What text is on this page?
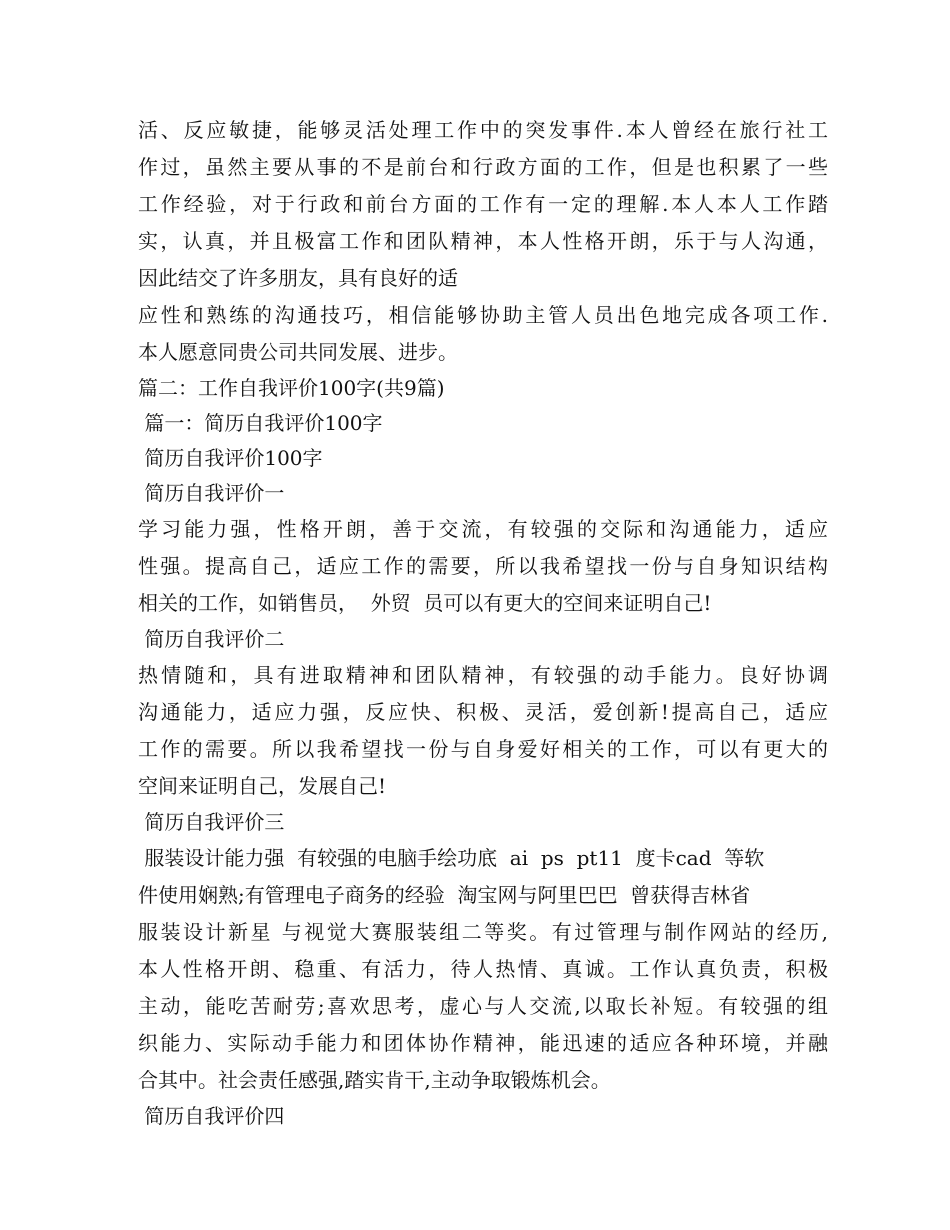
活、反应敏捷，能够灵活处理工作中的突发事件.本人曾经在旅行社工
作过，虽然主要从事的不是前台和行政方面的工作，但是也积累了一些
工作经验，对于行政和前台方面的工作有一定的理解.本人本人工作踏
实，认真，并且极富工作和团队精神，本人性格开朗，乐于与人沟通，
因此结交了许多朋友，具有良好的适
应性和熟练的沟通技巧，相信能够协助主管人员出色地完成各项工作.
本人愿意同贵公司共同发展、进步。
篇二：工作自我评价100字(共9篇)
篇一：简历自我评价100字
简历自我评价100字
简历自我评价一
学习能力强，性格开朗，善于交流，有较强的交际和沟通能力，适应
性强。提高自己，适应工作的需要，所以我希望找一份与自身知识结构
相关的工作，如销售员，  外贸  员可以有更大的空间来证明自己!
简历自我评价二
热情随和，具有进取精神和团队精神，有较强的动手能力。良好协调
沟通能力，适应力强，反应快、积极、灵活，爱创新!提高自己，适应
工作的需要。所以我希望找一份与自身爱好相关的工作，可以有更大的
空间来证明自己，发展自己!
简历自我评价三
服装设计能力强  有较强的电脑手绘功底  ai  ps  pt11  度卡cad  等软
件使用娴熟;有管理电子商务的经验  淘宝网与阿里巴巴  曾获得吉林省
服装设计新星 与视觉大赛服装组二等奖。有过管理与制作网站的经历,
本人性格开朗、稳重、有活力，待人热情、真诚。工作认真负责，积极
主动，能吃苦耐劳;喜欢思考，虚心与人交流,以取长补短。有较强的组
织能力、实际动手能力和团体协作精神，能迅速的适应各种环境，并融
合其中。社会责任感强,踏实肯干,主动争取锻炼机会。
简历自我评价四
